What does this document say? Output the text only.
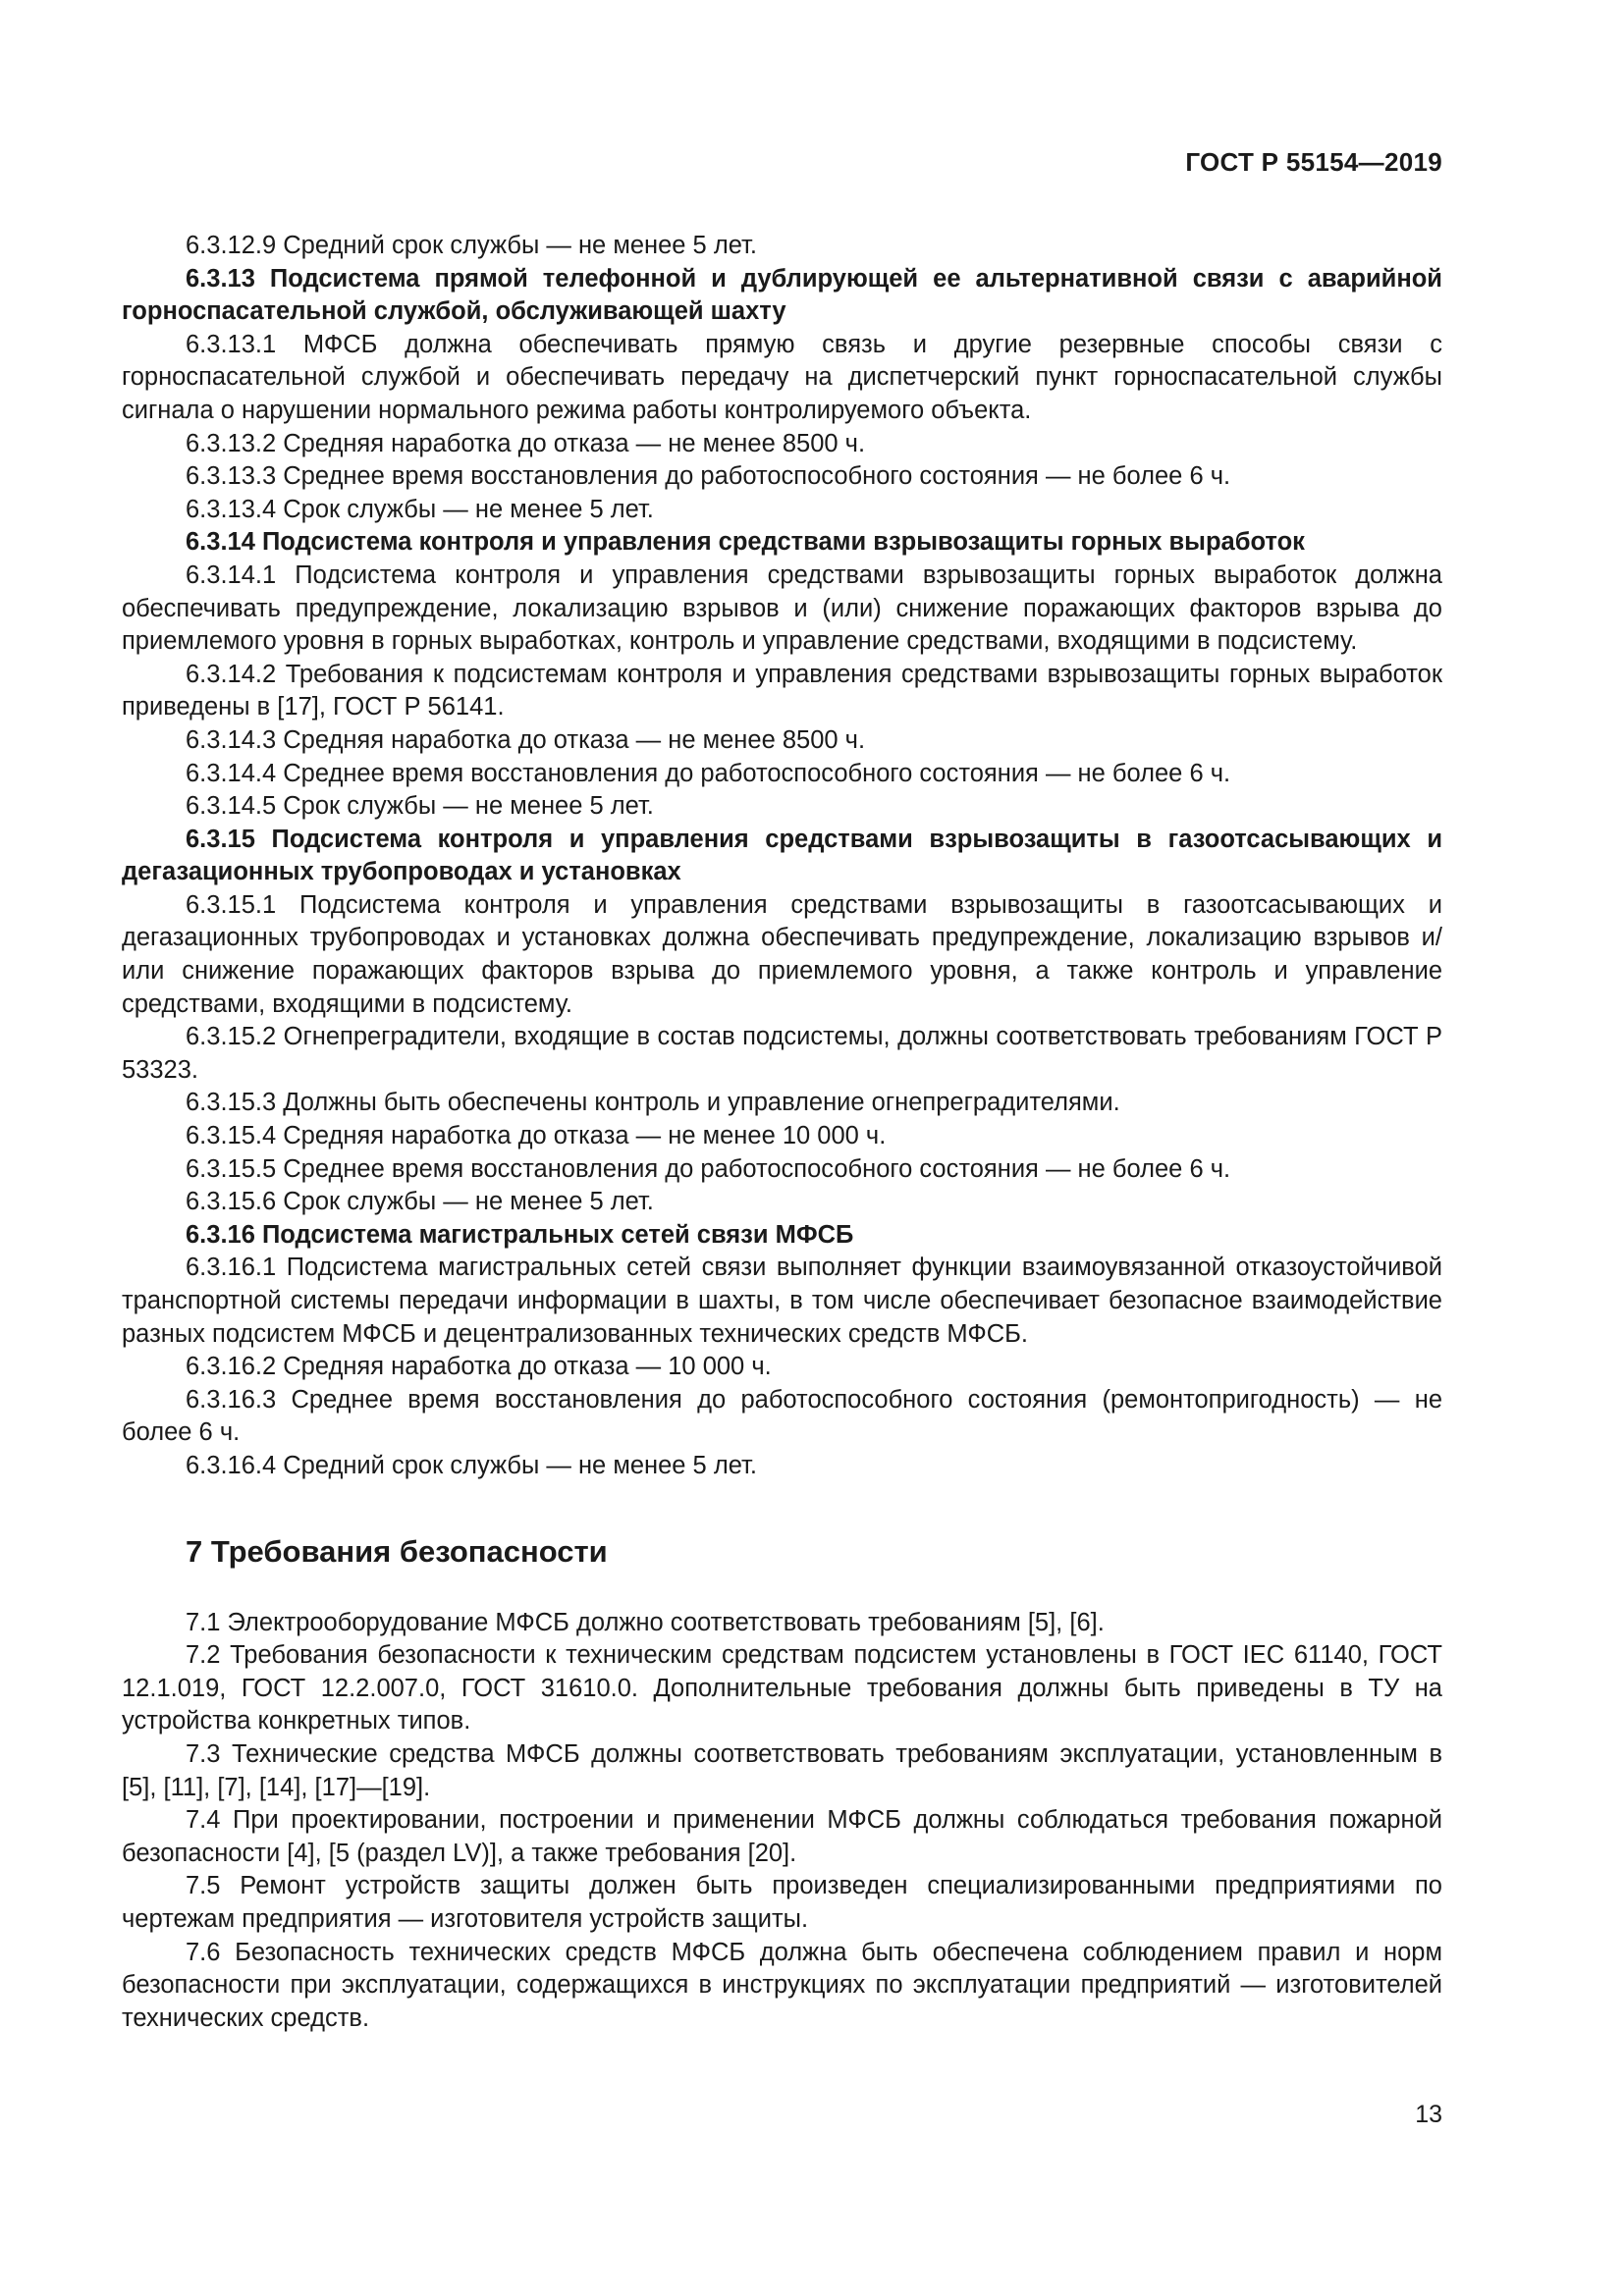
ГОСТ Р 55154—2019

6.3.12.9 Средний срок службы — не менее 5 лет.

6.3.13 Подсистема прямой телефонной и дублирующей ее альтернативной связи с аварийной горноспасательной службой, обслуживающей шахту

6.3.13.1 МФСБ должна обеспечивать прямую связь и другие резервные способы связи с горноспасательной службой и обеспечивать передачу на диспетчерский пункт горноспасательной службы сигнала о нарушении нормального режима работы контролируемого объекта.

6.3.13.2 Средняя наработка до отказа — не менее 8500 ч.

6.3.13.3 Среднее время восстановления до работоспособного состояния — не более 6 ч.

6.3.13.4 Срок службы — не менее 5 лет.

6.3.14 Подсистема контроля и управления средствами взрывозащиты горных выработок

6.3.14.1 Подсистема контроля и управления средствами взрывозащиты горных выработок должна обеспечивать предупреждение, локализацию взрывов и (или) снижение поражающих факторов взрыва до приемлемого уровня в горных выработках, контроль и управление средствами, входящими в подсистему.

6.3.14.2 Требования к подсистемам контроля и управления средствами взрывозащиты горных выработок приведены в [17], ГОСТ Р 56141.

6.3.14.3 Средняя наработка до отказа — не менее 8500 ч.

6.3.14.4 Среднее время восстановления до работоспособного состояния — не более 6 ч.

6.3.14.5 Срок службы — не менее 5 лет.

6.3.15 Подсистема контроля и управления средствами взрывозащиты в газоотсасывающих и дегазационных трубопроводах и установках

6.3.15.1 Подсистема контроля и управления средствами взрывозащиты в газоотсасывающих и дегазационных трубопроводах и установках должна обеспечивать предупреждение, локализацию взрывов и/или снижение поражающих факторов взрыва до приемлемого уровня, а также контроль и управление средствами, входящими в подсистему.

6.3.15.2 Огнепреградители, входящие в состав подсистемы, должны соответствовать требованиям ГОСТ Р 53323.

6.3.15.3 Должны быть обеспечены контроль и управление огнепреградителями.

6.3.15.4 Средняя наработка до отказа — не менее 10 000 ч.

6.3.15.5 Среднее время восстановления до работоспособного состояния — не более 6 ч.

6.3.15.6 Срок службы — не менее 5 лет.

6.3.16 Подсистема магистральных сетей связи МФСБ

6.3.16.1 Подсистема магистральных сетей связи выполняет функции взаимоувязанной отказоустойчивой транспортной системы передачи информации в шахты, в том числе обеспечивает безопасное взаимодействие разных подсистем МФСБ и децентрализованных технических средств МФСБ.

6.3.16.2 Средняя наработка до отказа — 10 000 ч.

6.3.16.3 Среднее время восстановления до работоспособного состояния (ремонтопригодность) — не более 6 ч.

6.3.16.4 Средний срок службы — не менее 5 лет.

7 Требования безопасности

7.1 Электрооборудование МФСБ должно соответствовать требованиям [5], [6].

7.2 Требования безопасности к техническим средствам подсистем установлены в ГОСТ IEC 61140, ГОСТ 12.1.019, ГОСТ 12.2.007.0, ГОСТ 31610.0. Дополнительные требования должны быть приведены в ТУ на устройства конкретных типов.

7.3 Технические средства МФСБ должны соответствовать требованиям эксплуатации, установленным в [5], [11], [7], [14], [17]—[19].

7.4 При проектировании, построении и применении МФСБ должны соблюдаться требования пожарной безопасности [4], [5 (раздел LV)], а также требования [20].

7.5 Ремонт устройств защиты должен быть произведен специализированными предприятиями по чертежам предприятия — изготовителя устройств защиты.

7.6 Безопасность технических средств МФСБ должна быть обеспечена соблюдением правил и норм безопасности при эксплуатации, содержащихся в инструкциях по эксплуатации предприятий — изготовителей технических средств.

13
